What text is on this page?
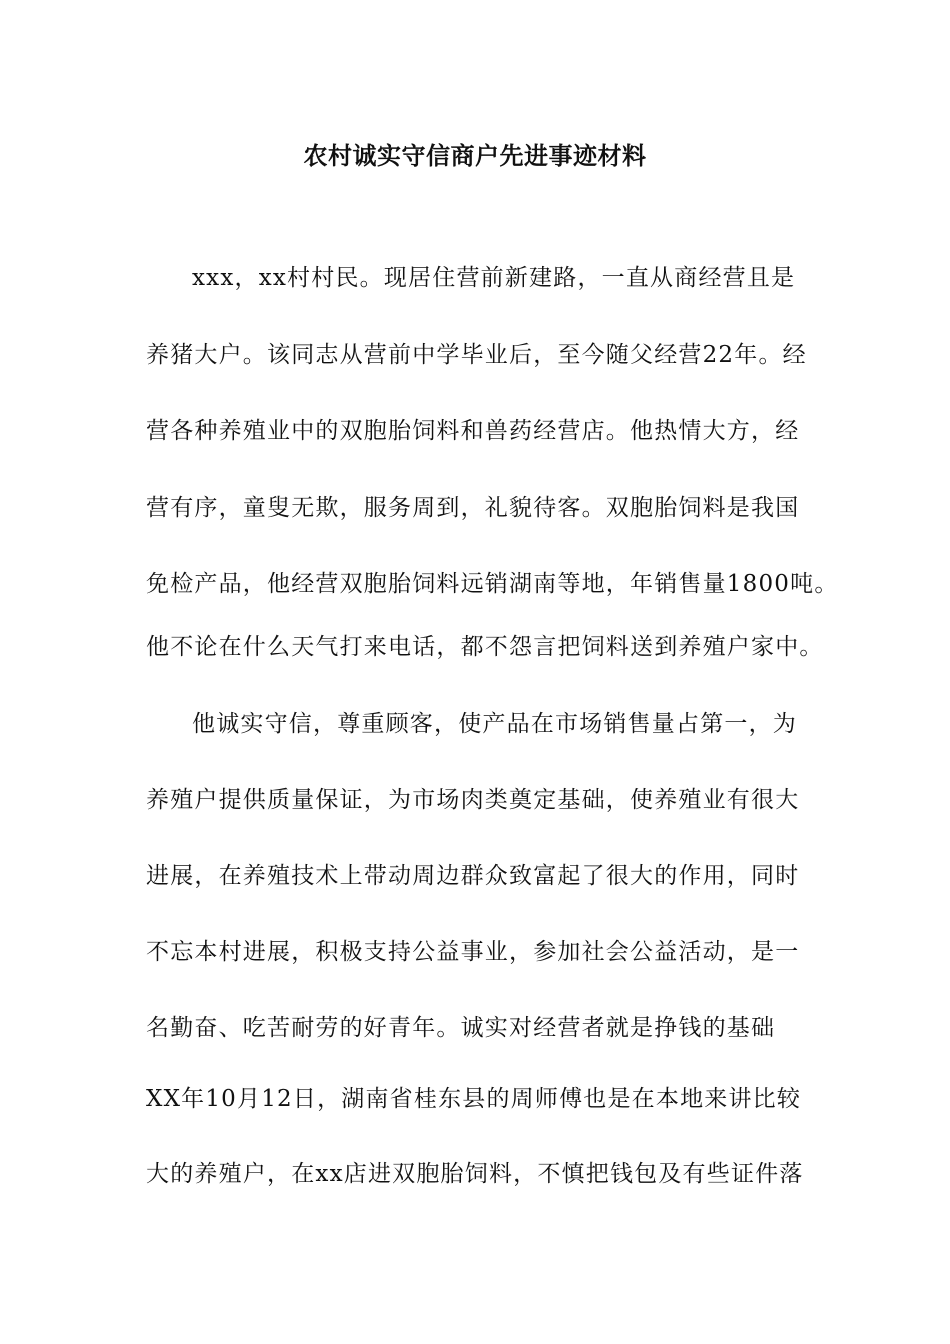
农村诚实守信商户先进事迹材料
xxx，xx村村民。现居住营前新建路，一直从商经营且是
养猪大户。该同志从营前中学毕业后，至今随父经营22年。经
营各种养殖业中的双胞胎饲料和兽药经营店。他热情大方，经
营有序，童叟无欺，服务周到，礼貌待客。双胞胎饲料是我国
免检产品，他经营双胞胎饲料远销湖南等地，年销售量1800吨。
他不论在什么天气打来电话，都不怨言把饲料送到养殖户家中。
他诚实守信，尊重顾客，使产品在市场销售量占第一，为
养殖户提供质量保证，为市场肉类奠定基础，使养殖业有很大
进展，在养殖技术上带动周边群众致富起了很大的作用，同时
不忘本村进展，积极支持公益事业，参加社会公益活动，是一
名勤奋、吃苦耐劳的好青年。诚实对经营者就是挣钱的基础
XX年10月12日，湖南省桂东县的周师傅也是在本地来讲比较
大的养殖户，在xx店进双胞胎饲料，不慎把钱包及有些证件落
